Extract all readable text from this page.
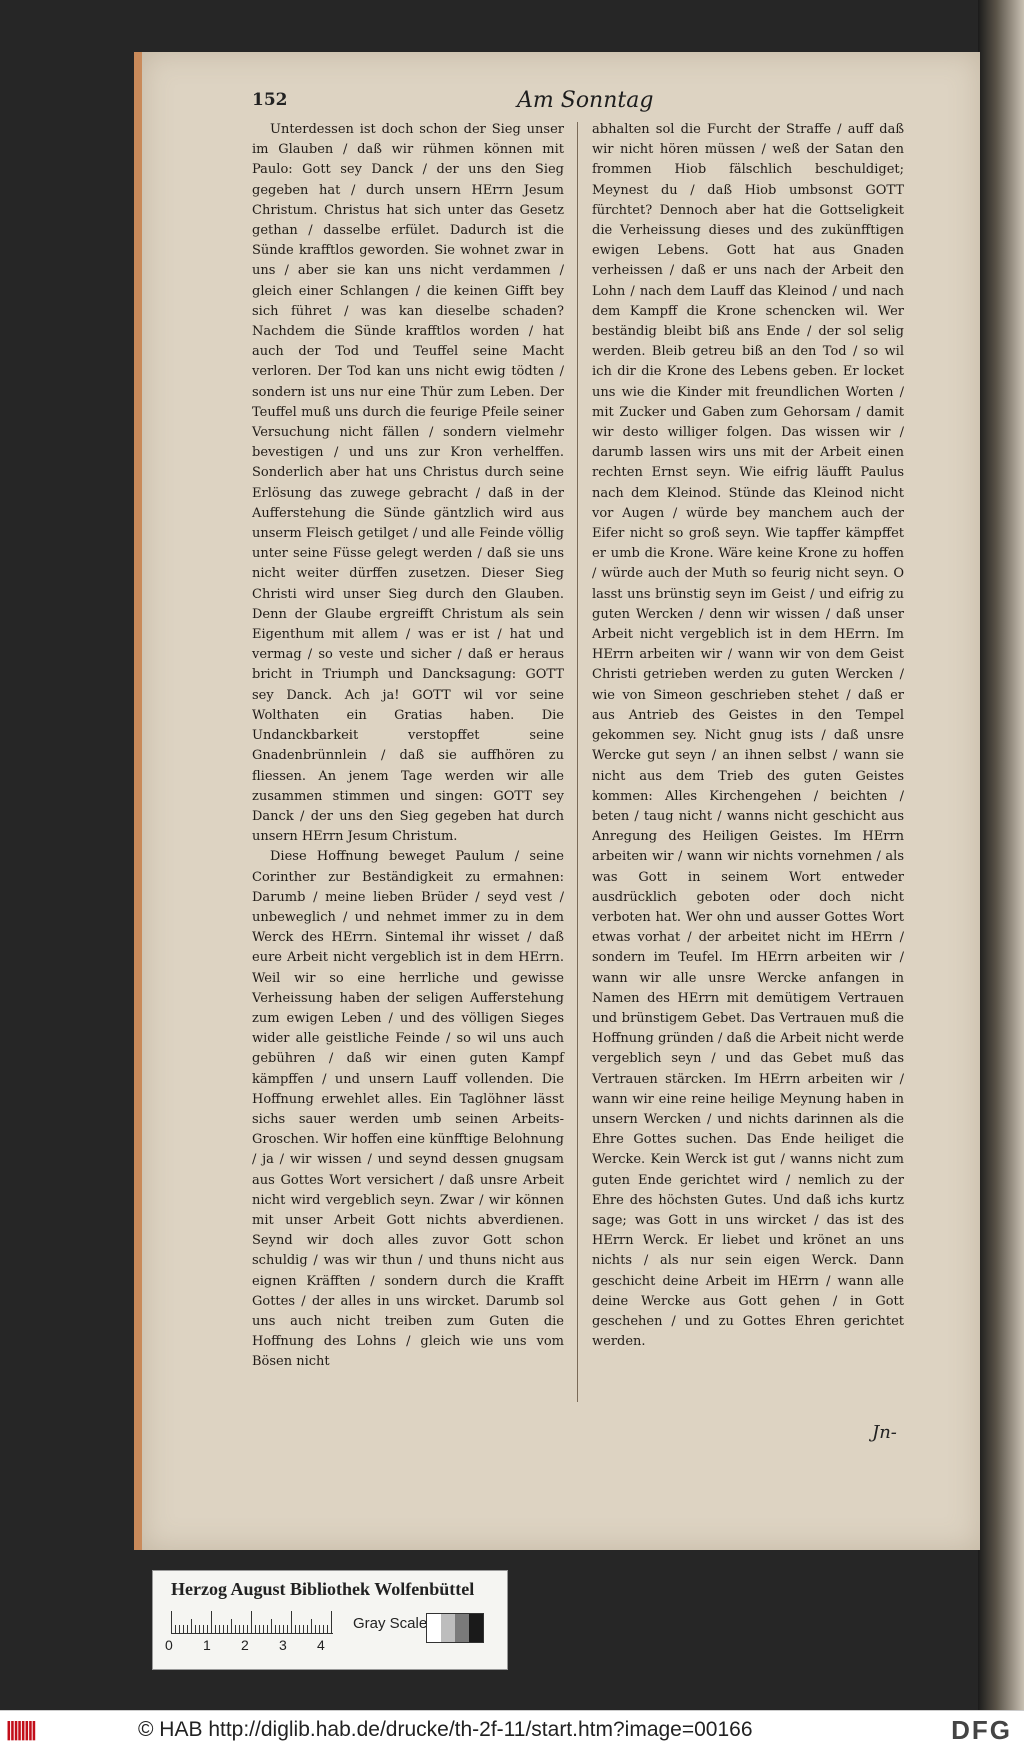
152	Am Sonntag

Unterdessen ist doch schon der Sieg unser im Glauben / daß wir rühmen können mit Paulo: Gott sey Danck / der uns den Sieg gegeben hat / durch unsern HErrn Jesum Christum. Christus hat sich unter das Gesetz gethan / dasselbe erfület. Dadurch ist die Sünde krafftlos geworden. Sie wohnet zwar in uns / aber sie kan uns nicht verdammen / gleich einer Schlangen / die keinen Gifft bey sich führet / was kan dieselbe schaden? Nachdem die Sünde krafftlos worden / hat auch der Tod und Teuffel seine Macht verloren. Der Tod kan uns nicht ewig tödten / sondern ist uns nur eine Thür zum Leben. Der Teuffel muß uns durch die feurige Pfeile seiner Versuchung nicht fällen / sondern vielmehr bevestigen / und uns zur Kron verhelffen. Sonderlich aber hat uns Christus durch seine Erlösung das zuwege gebracht / daß in der Aufferstehung die Sünde gäntzlich wird aus unserm Fleisch getilget / und alle Feinde völlig unter seine Füsse gelegt werden / daß sie uns nicht weiter dürffen zusetzen. Dieser Sieg Christi wird unser Sieg durch den Glauben. Denn der Glaube ergreifft Christum als sein Eigenthum mit allem / was er ist / hat und vermag / so veste und sicher / daß er heraus bricht in Triumph und Dancksagung: GOTT sey Danck. Ach ja! GOTT wil vor seine Wolthaten ein Gratias haben. Die Undanckbarkeit verstopffet seine Gnadenbrünnlein / daß sie auffhören zu fliessen. An jenem Tage werden wir alle zusammen stimmen und singen: GOTT sey Danck / der uns den Sieg gegeben hat durch unsern HErrn Jesum Christum.

Diese Hoffnung beweget Paulum / seine Corinther zur Beständigkeit zu ermahnen: Darumb / meine lieben Brüder / seyd vest / unbeweglich / und nehmet immer zu in dem Werck des HErrn. Sintemal ihr wisset / daß eure Arbeit nicht vergeblich ist in dem HErrn. Weil wir so eine herrliche und gewisse Verheissung haben der seligen Aufferstehung zum ewigen Leben / und des völligen Sieges wider alle geistliche Feinde / so wil uns auch gebühren / daß wir einen guten Kampf kämpffen / und unsern Lauff vollenden. Die Hoffnung erwehlet alles. Ein Taglöhner lässt sichs sauer werden umb seinen Arbeits-Groschen. Wir hoffen eine künfftige Belohnung / ja / wir wissen / und seynd dessen gnugsam aus Gottes Wort versichert / daß unsre Arbeit nicht wird vergeblich seyn. Zwar / wir können mit unser Arbeit Gott nichts abverdienen. Seynd wir doch alles zuvor Gott schon schuldig / was wir thun / und thuns nicht aus eignen Kräfften / sondern durch die Krafft Gottes / der alles in uns wircket. Darumb sol uns auch nicht treiben zum Guten die Hoffnung des Lohns / gleich wie uns vom Bösen nicht

abhalten sol die Furcht der Straffe / auff daß wir nicht hören müssen / weß der Satan den frommen Hiob fälschlich beschuldiget; Meynest du / daß Hiob umbsonst GOTT fürchtet? Dennoch aber hat die Gottseligkeit die Verheissung dieses und des zukünfftigen ewigen Lebens. Gott hat aus Gnaden verheissen / daß er uns nach der Arbeit den Lohn / nach dem Lauff das Kleinod / und nach dem Kampff die Krone schencken wil. Wer beständig bleibt biß ans Ende / der sol selig werden. Bleib getreu biß an den Tod / so wil ich dir die Krone des Lebens geben. Er locket uns wie die Kinder mit freundlichen Worten / mit Zucker und Gaben zum Gehorsam / damit wir desto williger folgen. Das wissen wir / darumb lassen wirs uns mit der Arbeit einen rechten Ernst seyn. Wie eifrig läufft Paulus nach dem Kleinod. Stünde das Kleinod nicht vor Augen / würde bey manchem auch der Eifer nicht so groß seyn. Wie tapffer kämpffet er umb die Krone. Wäre keine Krone zu hoffen / würde auch der Muth so feurig nicht seyn. O lasst uns brünstig seyn im Geist / und eifrig zu guten Wercken / denn wir wissen / daß unser Arbeit nicht vergeblich ist in dem HErrn. Im HErrn arbeiten wir / wann wir von dem Geist Christi getrieben werden zu guten Wercken / wie von Simeon geschrieben stehet / daß er aus Antrieb des Geistes in den Tempel gekommen sey. Nicht gnug ists / daß unsre Wercke gut seyn / an ihnen selbst / wann sie nicht aus dem Trieb des guten Geistes kommen: Alles Kirchengehen / beichten / beten / taug nicht / wanns nicht geschicht aus Anregung des Heiligen Geistes. Im HErrn arbeiten wir / wann wir nichts vornehmen / als was Gott in seinem Wort entweder ausdrücklich geboten oder doch nicht verboten hat. Wer ohn und ausser Gottes Wort etwas vorhat / der arbeitet nicht im HErrn / sondern im Teufel. Im HErrn arbeiten wir / wann wir alle unsre Wercke anfangen in Namen des HErrn mit demütigem Vertrauen und brünstigem Gebet. Das Vertrauen muß die Hoffnung gründen / daß die Arbeit nicht werde vergeblich seyn / und das Gebet muß das Vertrauen stärcken. Im HErrn arbeiten wir / wann wir eine reine heilige Meynung haben in unsern Wercken / und nichts darinnen als die Ehre Gottes suchen. Das Ende heiliget die Wercke. Kein Werck ist gut / wanns nicht zum guten Ende gerichtet wird / nemlich zu der Ehre des höchsten Gutes. Und daß ichs kurtz sage; was Gott in uns wircket / das ist des HErrn Werck. Er liebet und krönet an uns nichts / als nur sein eigen Werck. Dann geschicht deine Arbeit im HErrn / wann alle deine Wercke aus Gott gehen / in Gott geschehen / und zu Gottes Ehren gerichtet werden.

Jn-
Herzog August Bibliothek Wolfenbüttel
0 1 2 3 4
Gray Scale
||||||||	© HAB http://diglib.hab.de/drucke/th-2f-11/start.htm?image=00166	DFG
